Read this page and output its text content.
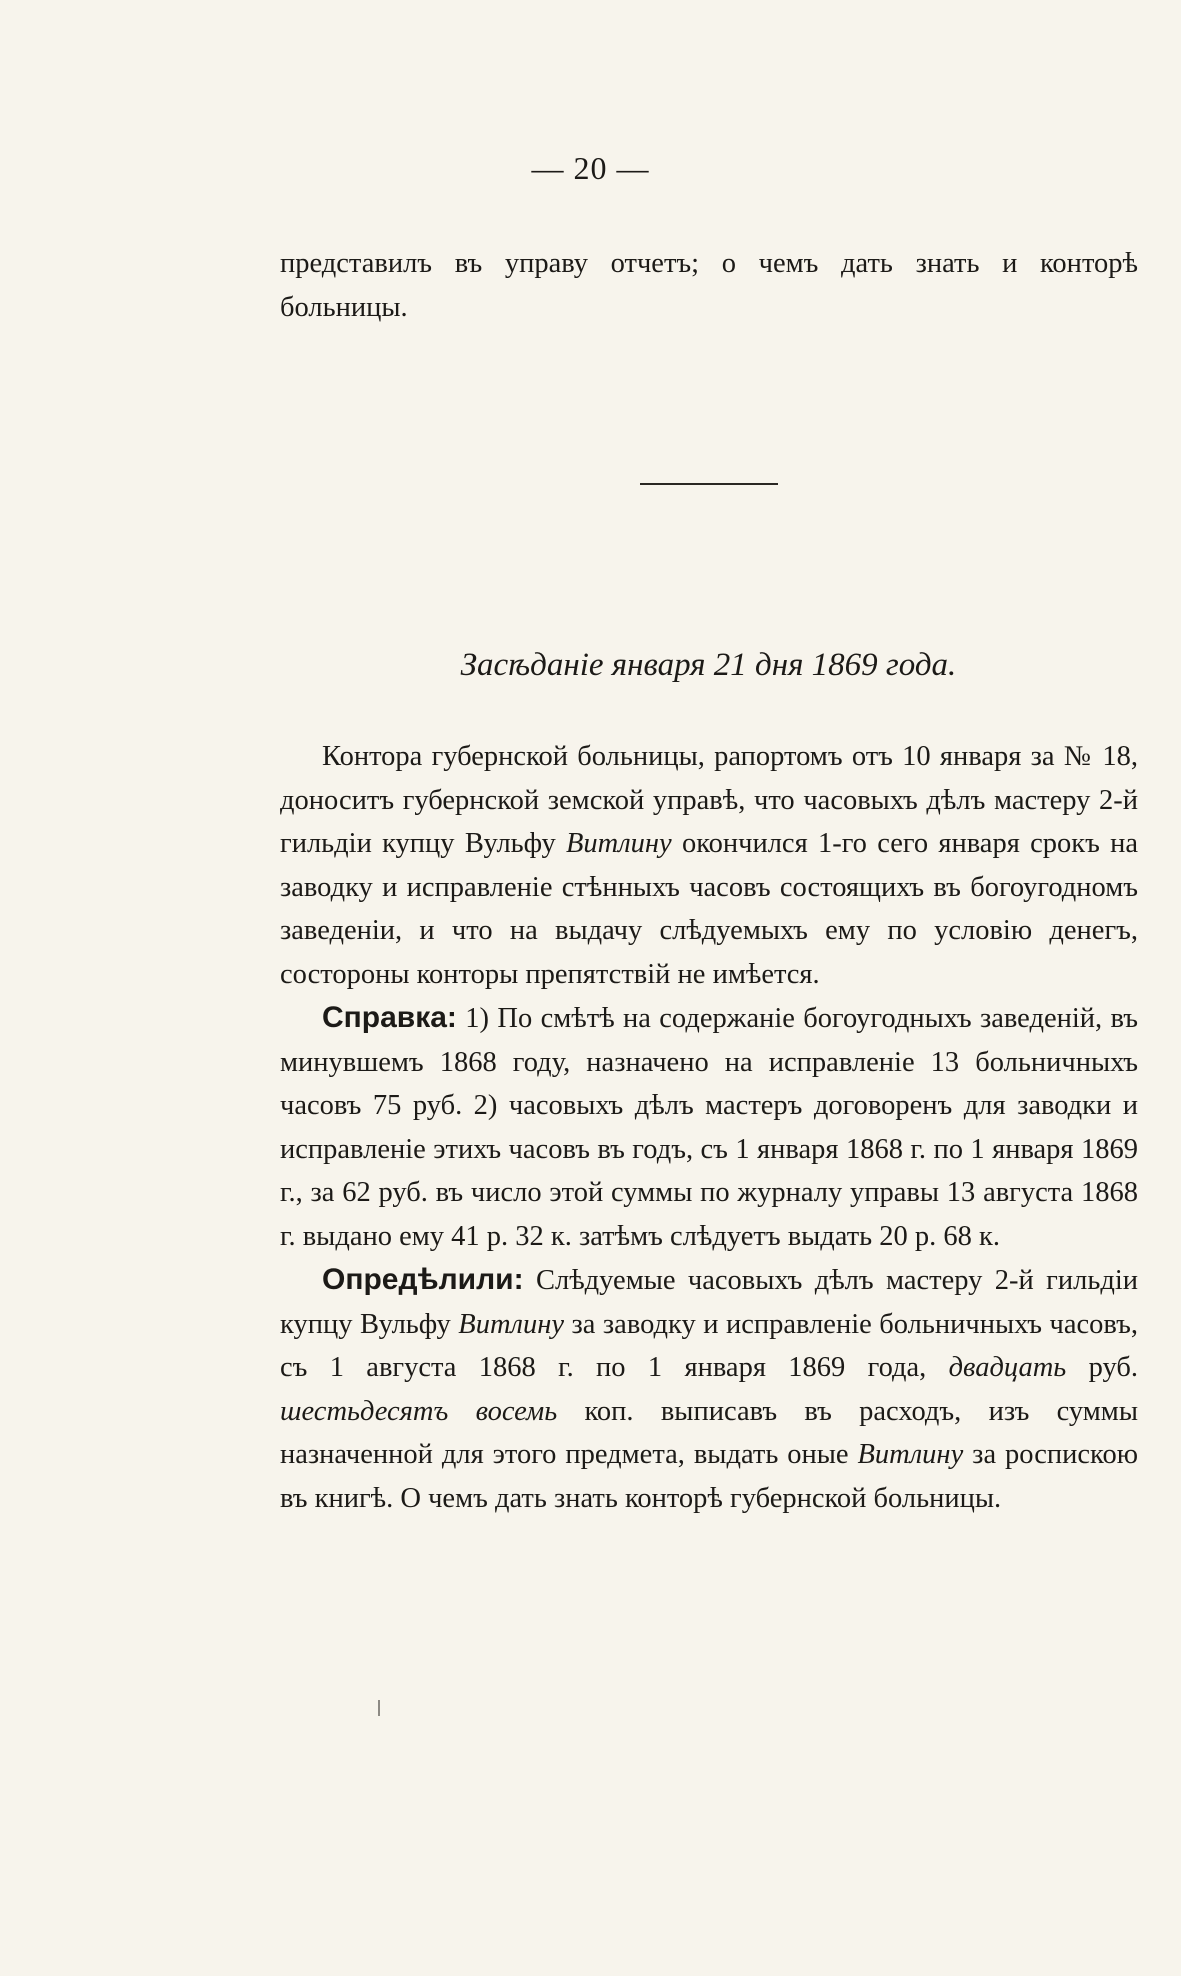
— 20 —

представилъ въ управу отчетъ; о чемъ дать знать и конторѣ

больницы.

Засѣданіе января 21 дня 1869 года.

Контора губернской больницы, рапортомъ отъ 10 января за № 18, доноситъ губернской земской управѣ, что часовыхъ дѣлъ мастеру 2-й гильдіи купцу Вульфу Витлину окончился 1-го сего января срокъ на заводку и исправленіе стѣнныхъ часовъ состоящихъ въ богоугодномъ заведеніи, и что на выдачу слѣдуемыхъ ему по условію денегъ, состороны конторы препятствій не имѣется.

Справка: 1) По смѣтѣ на содержаніе богоугодныхъ заведеній, въ минувшемъ 1868 году, назначено на исправленіе 13 больничныхъ часовъ 75 руб. 2) часовыхъ дѣлъ мастеръ договоренъ для заводки и исправленіе этихъ часовъ въ годъ, съ 1 января 1868 г. по 1 января 1869 г., за 62 руб. въ число этой суммы по журналу управы 13 августа 1868 г. выдано ему 41 р. 32 к. затѣмъ слѣдуетъ выдать 20 р. 68 к.

Опредѣлили: Слѣдуемые часовыхъ дѣлъ мастеру 2-й гильдіи купцу Вульфу Витлину за заводку и исправленіе больничныхъ часовъ, съ 1 августа 1868 г. по 1 января 1869 года, двадцать руб. шестьдесятъ восемь коп. выписавъ въ расходъ, изъ суммы назначенной для этого предмета, выдать оные Витлину за роспискою въ книгѣ. О чемъ дать знать конторѣ губернской больницы.
